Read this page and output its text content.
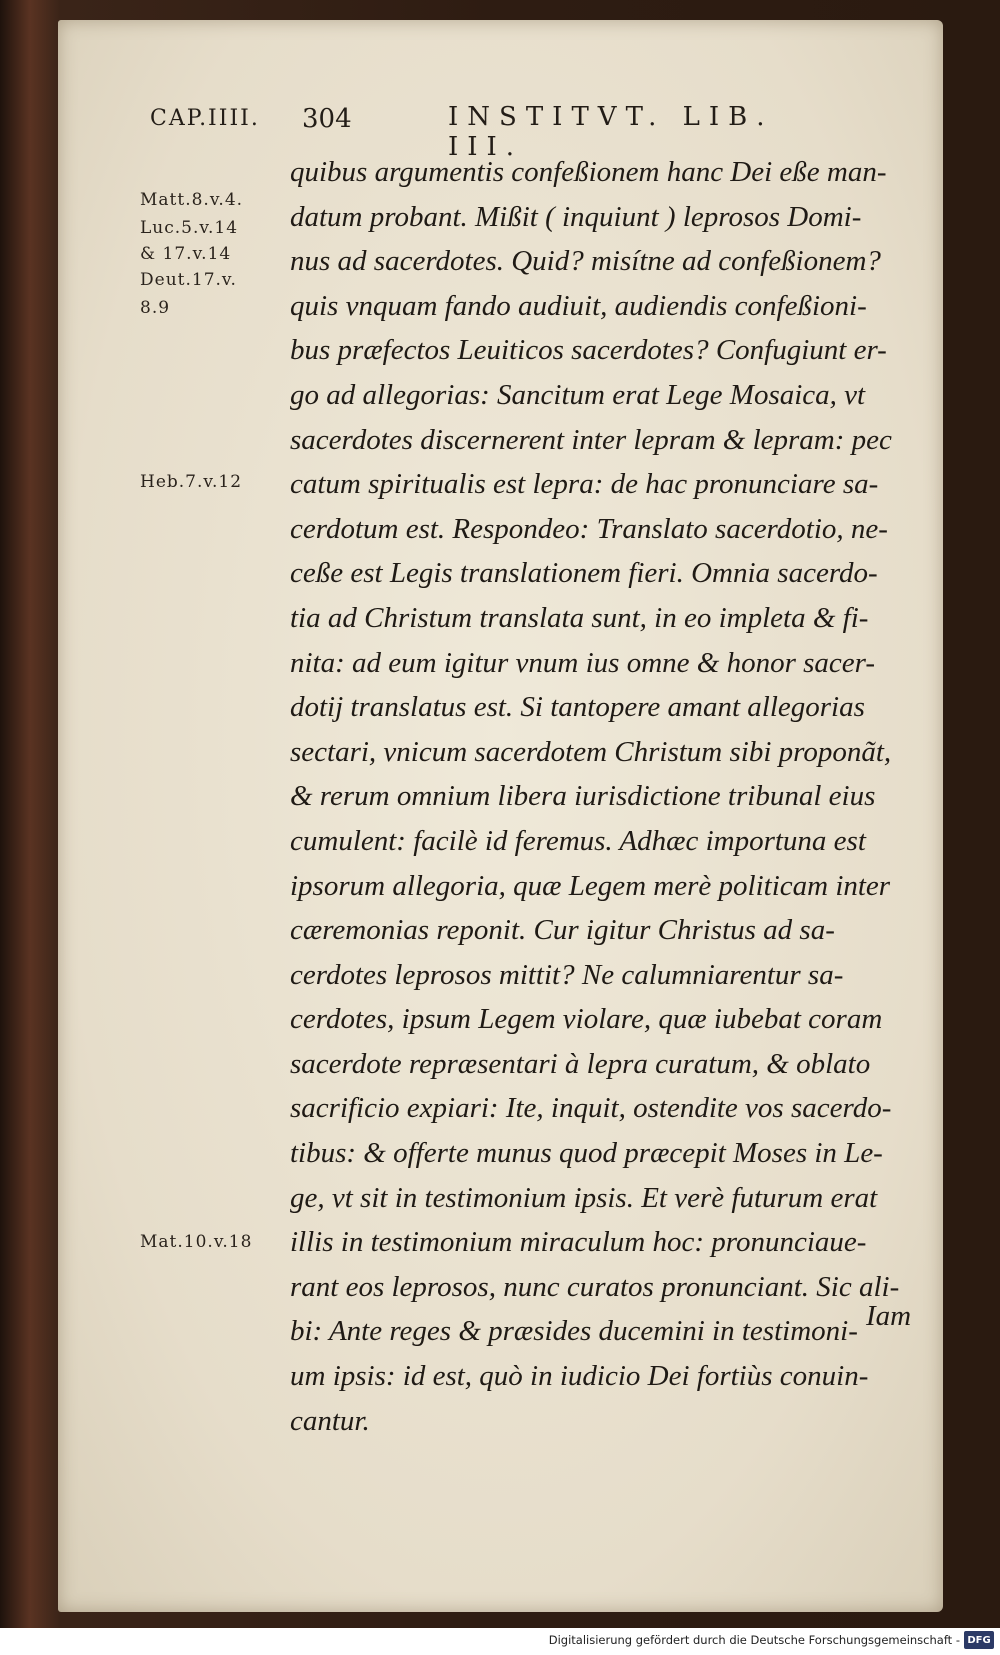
CAP.IIII. 304	INSTITVT. LIB. III.
Matt.8.v.4.
Luc.5.v.14
& 17.v.14
Deut.17.v.
8.9
Heb.7.v.12
Mat.10.v.18
quibus argumentis confeßionem hanc Dei eße man-
datum probant. Mißit ( inquiunt ) leprosos Domi-
nus ad sacerdotes. Quid? misítne ad confeßionem?
quis vnquam fando audiuit, audiendis confeßioni-
bus præfectos Leuiticos sacerdotes? Confugiunt er-
go ad allegorias: Sancitum erat Lege Mosaica, vt
sacerdotes discernerent inter lepram & lepram: pec
catum spiritualis est lepra: de hac pronunciare sa-
cerdotum est. Respondeo: Translato sacerdotio, ne-
ceße est Legis translationem fieri. Omnia sacerdo-
tia ad Christum translata sunt, in eo impleta & fi-
nita: ad eum igitur vnum ius omne & honor sacer-
dotij translatus est. Si tantopere amant allegorias
sectari, vnicum sacerdotem Christum sibi proponãt,
& rerum omnium libera iurisdictione tribunal eius
cumulent: facilè id feremus. Adhæc importuna est
ipsorum allegoria, quæ Legem merè politicam inter
cæremonias reponit. Cur igitur Christus ad sa-
cerdotes leprosos mittit? Ne calumniarentur sa-
cerdotes, ipsum Legem violare, quæ iubebat coram
sacerdote repræsentari à lepra curatum, & oblato
sacrificio expiari: Ite, inquit, ostendite vos sacerdo-
tibus: & offerte munus quod præcepit Moses in Le-
ge, vt sit in testimonium ipsis. Et verè futurum erat
illis in testimonium miraculum hoc: pronunciaue-
rant eos leprosos, nunc curatos pronunciant. Sic ali-
bi: Ante reges & præsides ducemini in testimoni-
um ipsis: id est, quò in iudicio Dei fortiùs conuin-
cantur.
Iam
Digitalisierung gefördert durch die Deutsche Forschungsgemeinschaft - DFG
